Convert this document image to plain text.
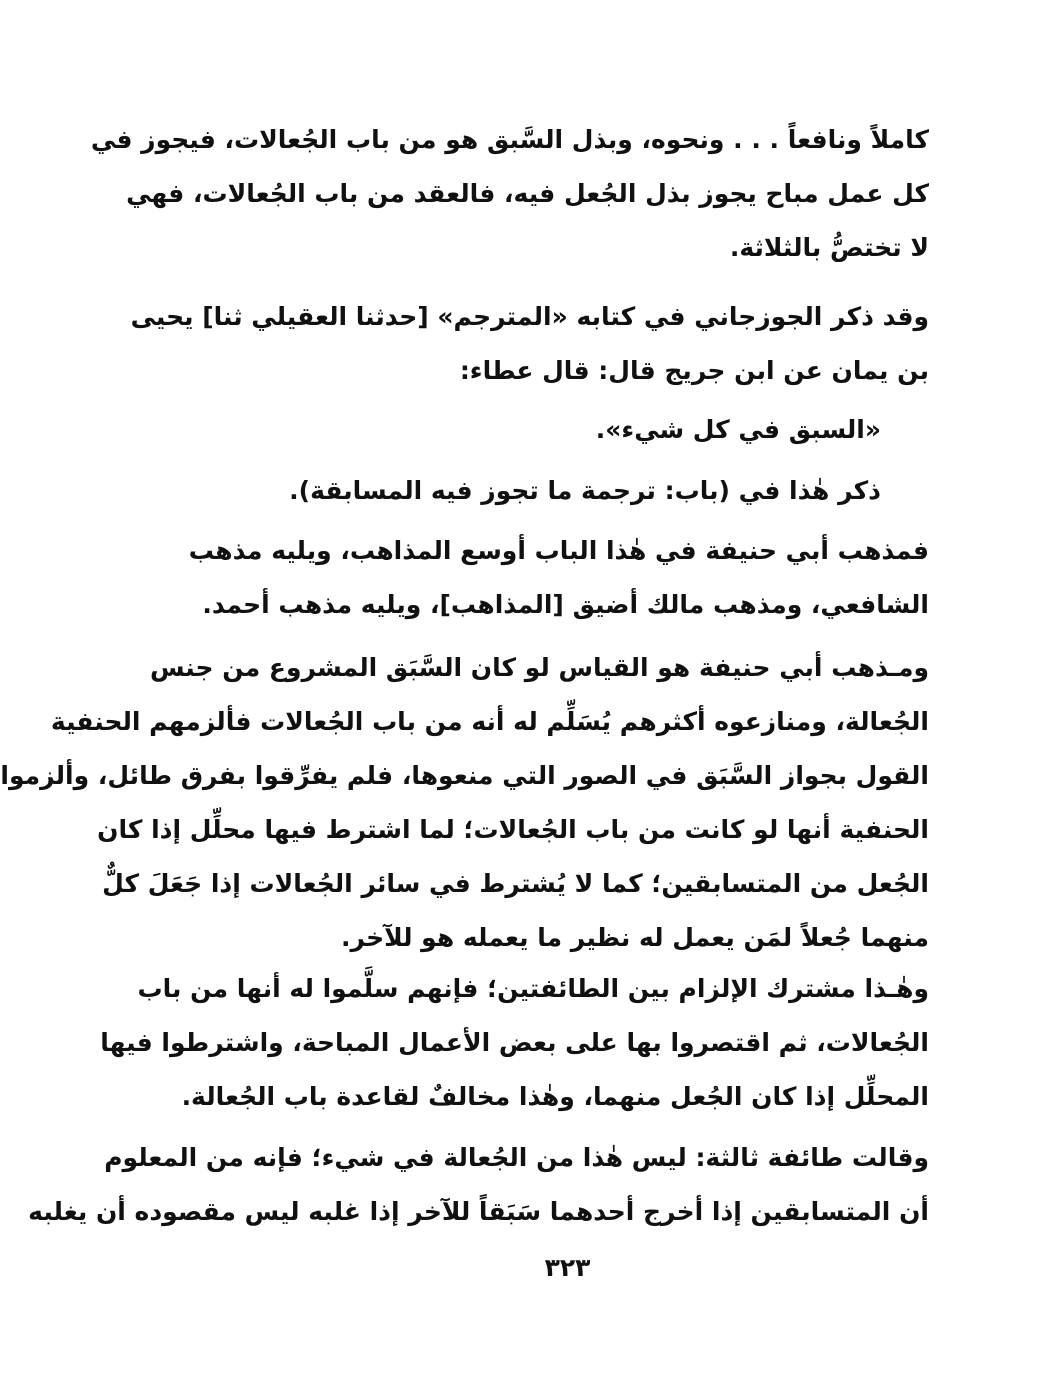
كاملاً ونافعاً . . . ونحوه، وبذل السَّبق هو من باب الجُعالات، فيجوز في
كل عمل مباح يجوز بذل الجُعل فيه، فالعقد من باب الجُعالات، فهي
لا تختصُّ بالثلاثة.
وقد ذكر الجوزجاني في كتابه «المترجم» [حدثنا العقيلي ثنا] يحيى
بن يمان عن ابن جريج قال: قال عطاء:
«السبق في كل شيء».
ذكر هٰذا في (باب: ترجمة ما تجوز فيه المسابقة).
فمذهب أبي حنيفة في هٰذا الباب أوسع المذاهب، ويليه مذهب
الشافعي، ومذهب مالك أضيق [المذاهب]، ويليه مذهب أحمد.
ومـذهب أبي حنيفة هو القياس لو كان السَّبَق المشروع من جنس
الجُعالة، ومنازعوه أكثرهم يُسَلِّم له أنه من باب الجُعالات فألزمهم الحنفية
القول بجواز السَّبَق في الصور التي منعوها، فلم يفرِّقوا بفرق طائل، وألزموا
الحنفية أنها لو كانت من باب الجُعالات؛ لما اشترط فيها محلِّل إذا كان
الجُعل من المتسابقين؛ كما لا يُشترط في سائر الجُعالات إذا جَعَلَ كلٌّ
منهما جُعلاً لمَن يعمل له نظير ما يعمله هو للآخر.
وهٰـذا مشترك الإلزام بين الطائفتين؛ فإنهم سلَّموا له أنها من باب
الجُعالات، ثم اقتصروا بها على بعض الأعمال المباحة، واشترطوا فيها
المحلِّل إذا كان الجُعل منهما، وهٰذا مخالفٌ لقاعدة باب الجُعالة.
وقالت طائفة ثالثة: ليس هٰذا من الجُعالة في شيء؛ فإنه من المعلوم
أن المتسابقين إذا أخرج أحدهما سَبَقاً للآخر إذا غلبه ليس مقصوده أن يغلبه
٣٢٣
